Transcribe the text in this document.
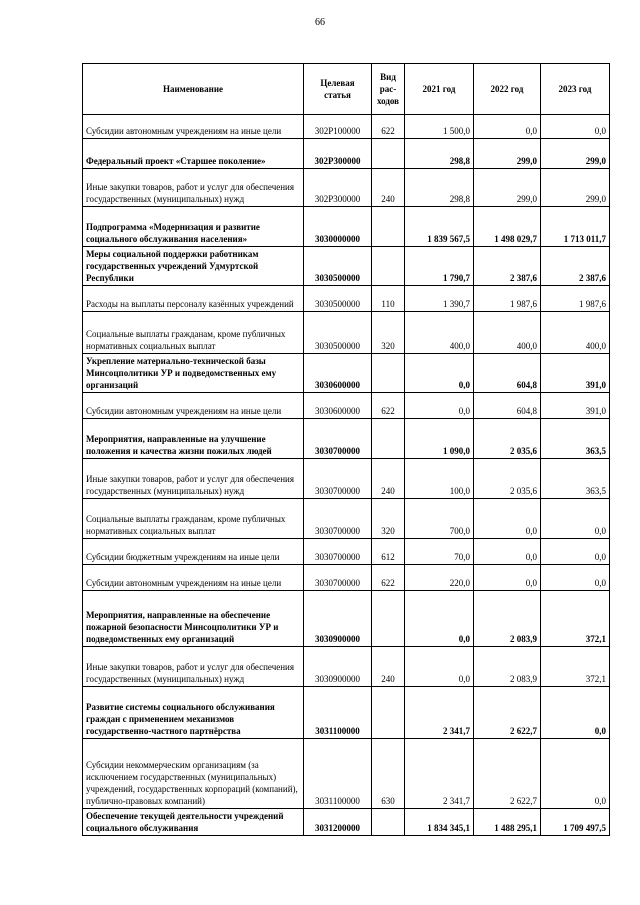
66
Наименование	Целевая статья	Вид рас-ходов	2021 год	2022 год	2023 год
Субсидии автономным учреждениям на иные цели	302P100000	622	1 500,0	0,0	0,0
Федеральный проект «Старшее поколение»	302P300000		298,8	299,0	299,0
Иные закупки товаров, работ и услуг для обеспечения государственных (муниципальных) нужд	302P300000	240	298,8	299,0	299,0
Подпрограмма «Модернизация и развитие социального обслуживания населения»	3030000000		1 839 567,5	1 498 029,7	1 713 011,7
Меры социальной поддержки работникам государственных учреждений Удмуртской Республики	3030500000		1 790,7	2 387,6	2 387,6
Расходы на выплаты персоналу казённых учреждений	3030500000	110	1 390,7	1 987,6	1 987,6
Социальные выплаты гражданам, кроме публичных нормативных социальных выплат	3030500000	320	400,0	400,0	400,0
Укрепление материально-технической базы Минсоцполитики УР и подведомственных ему организаций	3030600000		0,0	604,8	391,0
Субсидии автономным учреждениям на иные цели	3030600000	622	0,0	604,8	391,0
Мероприятия, направленные на улучшение положения и качества жизни пожилых людей	3030700000		1 090,0	2 035,6	363,5
Иные закупки товаров, работ и услуг для обеспечения государственных (муниципальных) нужд	3030700000	240	100,0	2 035,6	363,5
Социальные выплаты гражданам, кроме публичных нормативных социальных выплат	3030700000	320	700,0	0,0	0,0
Субсидии бюджетным учреждениям на иные цели	3030700000	612	70,0	0,0	0,0
Субсидии автономным учреждениям на иные цели	3030700000	622	220,0	0,0	0,0
Мероприятия, направленные на обеспечение пожарной безопасности Минсоцполитики УР и подведомственных ему организаций	3030900000		0,0	2 083,9	372,1
Иные закупки товаров, работ и услуг для обеспечения государственных (муниципальных) нужд	3030900000	240	0,0	2 083,9	372,1
Развитие системы социального обслуживания граждан с применением механизмов государственно-частного партнёрства	3031100000		2 341,7	2 622,7	0,0
Субсидии некоммерческим организациям (за исключением государственных (муниципальных) учреждений, государственных корпораций (компаний), публично-правовых компаний)	3031100000	630	2 341,7	2 622,7	0,0
Обеспечение текущей деятельности учреждений социального обслуживания	3031200000		1 834 345,1	1 488 295,1	1 709 497,5
